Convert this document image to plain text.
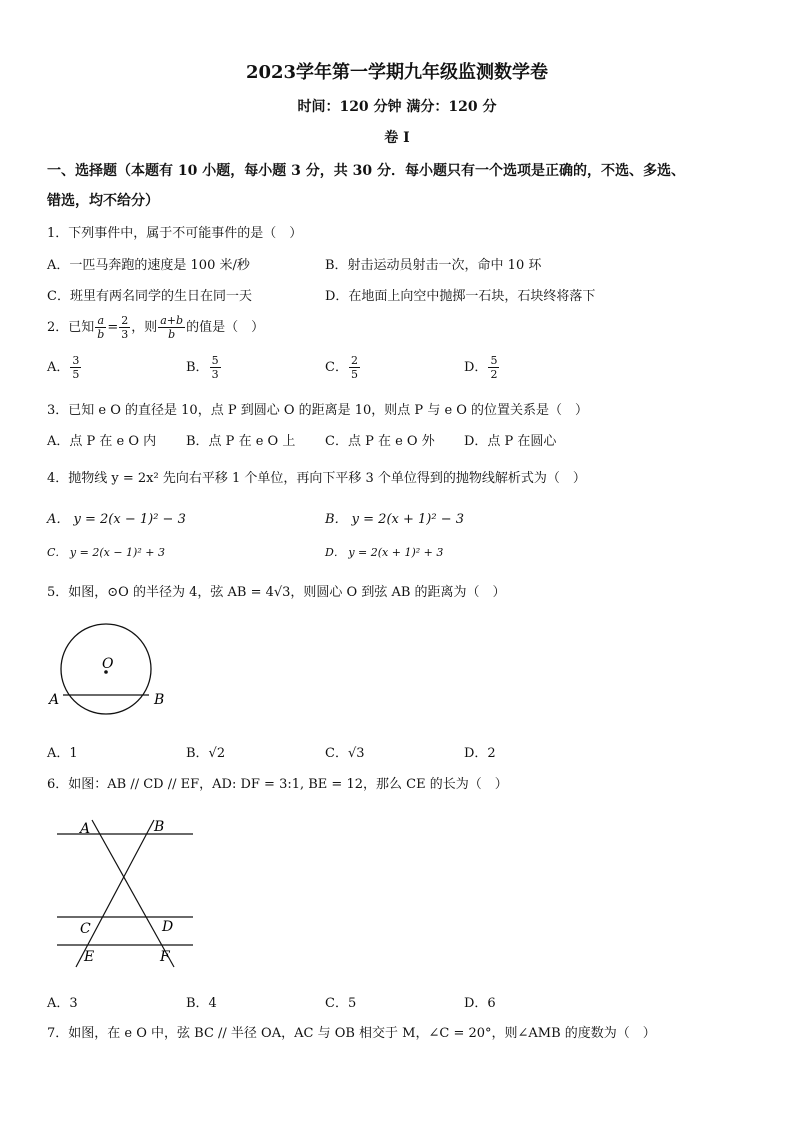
2023学年第一学期九年级监测数学卷
时间：120 分钟 满分：120 分
卷 I
一、选择题（本题有 10 小题，每小题 3 分，共 30 分．每小题只有一个选项是正确的，不选、多选、
错选，均不给分）
1．下列事件中，属于不可能事件的是（　）
A．一匹马奔跑的速度是 100 米/秒	B．射击运动员射击一次，命中 10 环
C．班里有两名同学的生日在同一天	D．在地面上向空中抛掷一石块，石块终将落下
2．已知 $\frac{a}{b} = \frac{2}{3}$ ，则 $\frac{a+b}{b}$ 的值是（　）
A． $\frac{3}{5}$	B． $\frac{5}{3}$	C． $\frac{2}{5}$	D． $\frac{5}{2}$
3．已知 e O 的直径是 10，点 P 到圆心 O 的距离是 10，则点 P 与 e O 的位置关系是（　）
A．点 P 在 e O 内 B．点 P 在 e O 上 C．点 P 在 e O 外 D．点 P 在圆心
4．抛物线 y = 2x² 先向右平移 1 个单位，再向下平移 3 个单位得到的抛物线解析式为（　）
A． y = 2(x − 1)² − 3	B． y = 2(x + 1)² − 3
C． y = 2(x − 1)² + 3	D． y = 2(x + 1)² + 3
5．如图，⊙O 的半径为 4，弦 AB = 4√3，则圆心 O 到弦 AB 的距离为（　）
O
A	B
A．1	B．√2	C．√3	D．2
6．如图：AB // CD // EF，AD: DF = 3:1, BE = 12，那么 CE 的长为（　）
A	B
C	D
E	F
A．3	B．4	C．5	D．6
7．如图，在 e O 中，弦 BC // 半径 OA，AC 与 OB 相交于 M，∠C = 20°，则∠AMB 的度数为（　）
